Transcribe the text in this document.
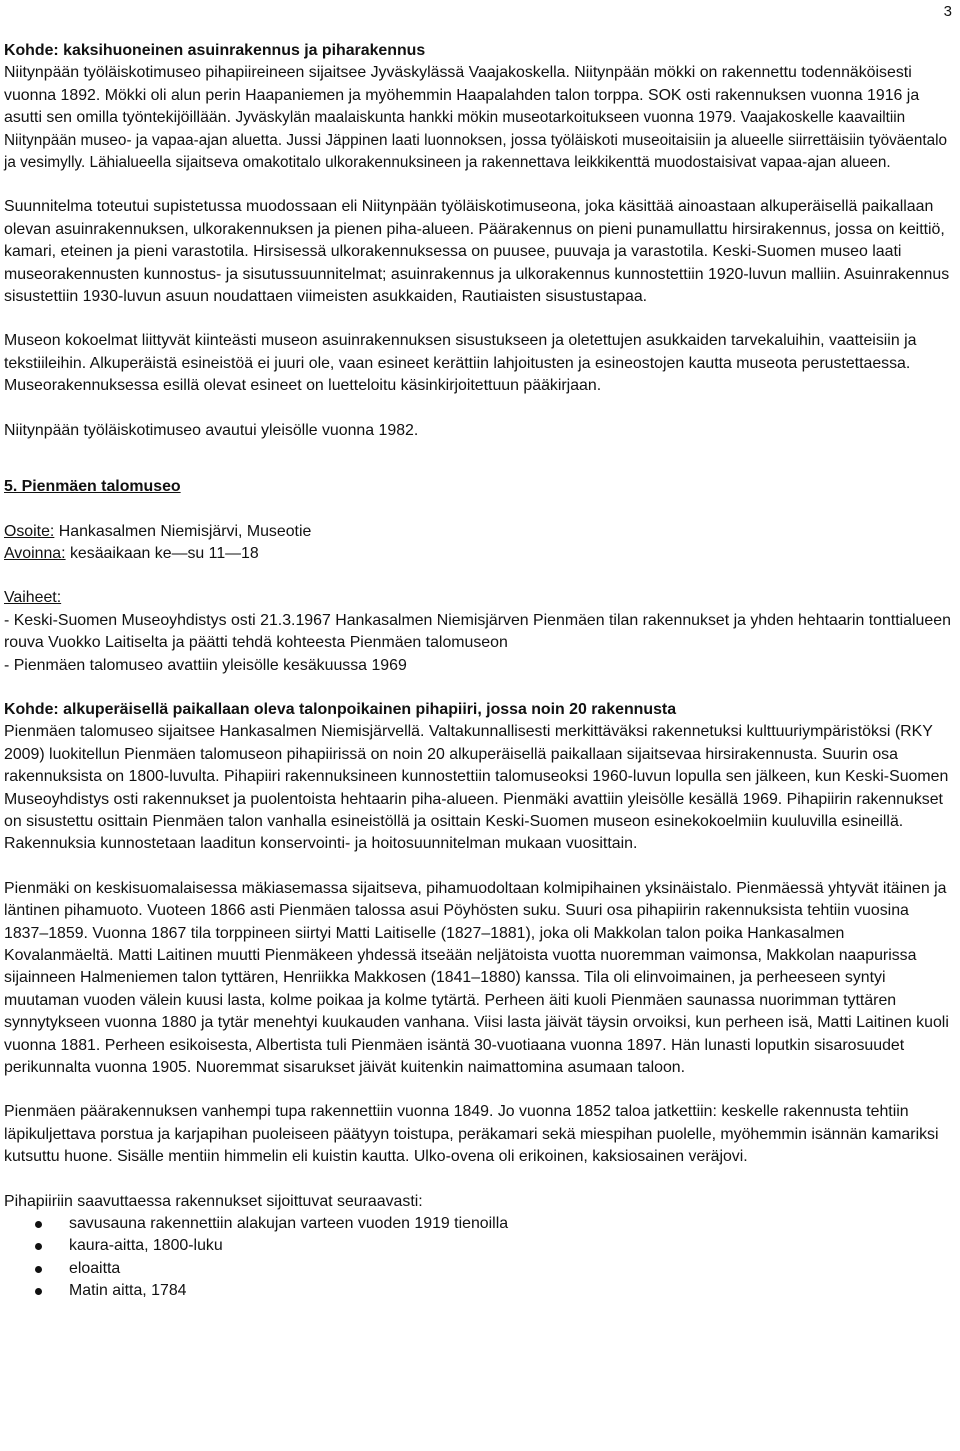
3

Kohde: kaksihuoneinen asuinrakennus ja piharakennus

Niitynpään työläiskotimuseo pihapiireineen sijaitsee Jyväskylässä Vaajakoskella. Niitynpään mökki on rakennettu todennäköisesti vuonna 1892. Mökki oli alun perin Haapaniemen ja myöhemmin Haapalahden talon torppa. SOK osti rakennuksen vuonna 1916 ja asutti sen omilla työntekijöillään. Jyväskylän maalaiskunta hankki mökin museotarkoitukseen vuonna 1979. Vaajakoskelle kaavailtiin Niitynpään museo- ja vapaa-ajan aluetta. Jussi Jäppinen laati luonnoksen, jossa työläiskoti museoitaisiin ja alueelle siirrettäisiin työväentalo ja vesimylly. Lähialueella sijaitseva omakotitalo ulkorakennuksineen ja rakennettava leikkikenttä muodostaisivat vapaa-ajan alueen.

Suunnitelma toteutui supistetussa muodossaan eli Niitynpään työläiskotimuseona, joka käsittää ainoastaan alkuperäisellä paikallaan olevan asuinrakennuksen, ulkorakennuksen ja pienen piha-alueen. Päärakennus on pieni punamullattu hirsirakennus, jossa on keittiö, kamari, eteinen ja pieni varastotila. Hirsisessä ulkorakennuksessa on puusee, puuvaja ja varastotila. Keski-Suomen museo laati museorakennusten kunnostus- ja sisutussuunnitelmat; asuinrakennus ja ulkorakennus kunnostettiin 1920-luvun malliin. Asuinrakennus sisustettiin 1930-luvun asuun noudattaen viimeisten asukkaiden, Rautiaisten sisustustapaa.

Museon kokoelmat liittyvät kiinteästi museon asuinrakennuksen sisustukseen ja oletettujen asukkaiden tarvekaluihin, vaatteisiin ja tekstiileihin. Alkuperäistä esineistöä ei juuri ole, vaan esineet kerättiin lahjoitusten ja esineostojen kautta museota perustettaessa. Museorakennuksessa esillä olevat esineet on luetteloitu käsinkirjoitettuun pääkirjaan.

Niitynpään työläiskotimuseo avautui yleisölle vuonna 1982.

5. Pienmäen talomuseo

Osoite: Hankasalmen Niemisjärvi, Museotie

Avoinna: kesäaikaan ke—su 11—18

Vaiheet:

- Keski-Suomen Museoyhdistys osti 21.3.1967 Hankasalmen Niemisjärven Pienmäen tilan rakennukset ja yhden hehtaarin tonttialueen rouva Vuokko Laitiselta ja päätti tehdä kohteesta Pienmäen talomuseon

- Pienmäen talomuseo avattiin yleisölle kesäkuussa 1969

Kohde: alkuperäisellä paikallaan oleva talonpoikainen pihapiiri, jossa noin 20 rakennusta

Pienmäen talomuseo sijaitsee Hankasalmen Niemisjärvellä. Valtakunnallisesti merkittäväksi rakennetuksi kulttuuriympäristöksi (RKY 2009) luokitellun Pienmäen talomuseon pihapiirissä on noin 20 alkuperäisellä paikallaan sijaitsevaa hirsirakennusta. Suurin osa rakennuksista on 1800-luvulta. Pihapiiri rakennuksineen kunnostettiin talomuseoksi 1960-luvun lopulla sen jälkeen, kun Keski-Suomen Museoyhdistys osti rakennukset ja puolentoista hehtaarin piha-alueen. Pienmäki avattiin yleisölle kesällä 1969. Pihapiirin rakennukset on sisustettu osittain Pienmäen talon vanhalla esineistöllä ja osittain Keski-Suomen museon esinekokoelmiin kuuluvilla esineillä. Rakennuksia kunnostetaan laaditun konservointi- ja hoitosuunnitelman mukaan vuosittain.

Pienmäki on keskisuomalaisessa mäkiasemassa sijaitseva, pihamuodoltaan kolmipihainen yksinäistalo. Pienmäessä yhtyvät itäinen ja läntinen pihamuoto. Vuoteen 1866 asti Pienmäen talossa asui Pöyhösten suku. Suuri osa pihapiirin rakennuksista tehtiin vuosina 1837–1859. Vuonna 1867 tila torppineen siirtyi Matti Laitiselle (1827–1881), joka oli Makkolan talon poika Hankasalmen Kovalanmäeltä. Matti Laitinen muutti Pienmäkeen yhdessä itseään neljätoista vuotta nuoremman vaimonsa, Makkolan naapurissa sijainneen Halmeniemen talon tyttären, Henriikka Makkosen (1841–1880) kanssa. Tila oli elinvoimainen, ja perheeseen syntyi muutaman vuoden välein kuusi lasta, kolme poikaa ja kolme tytärtä. Perheen äiti kuoli Pienmäen saunassa nuorimman tyttären synnytykseen vuonna 1880 ja tytär menehtyi kuukauden vanhana. Viisi lasta jäivät täysin orvoiksi, kun perheen isä, Matti Laitinen kuoli vuonna 1881. Perheen esikoisesta, Albertista tuli Pienmäen isäntä 30-vuotiaana vuonna 1897. Hän lunasti loputkin sisarosuudet perikunnalta vuonna 1905. Nuoremmat sisarukset jäivät kuitenkin naimattomina asumaan taloon.

Pienmäen päärakennuksen vanhempi tupa rakennettiin vuonna 1849. Jo vuonna 1852 taloa jatkettiin: keskelle rakennusta tehtiin läpikuljettava porstua ja karjapihan puoleiseen päätyyn toistupa, peräkamari sekä miespihan puolelle, myöhemmin isännän kamariksi kutsuttu huone. Sisälle mentiin himmelin eli kuistin kautta. Ulko-ovena oli erikoinen, kaksiosainen veräjovi.

Pihapiiriin saavuttaessa rakennukset sijoittuvat seuraavasti:

savusauna rakennettiin alakujan varteen vuoden 1919 tienoilla
kaura-aitta, 1800-luku
eloaitta
Matin aitta, 1784
